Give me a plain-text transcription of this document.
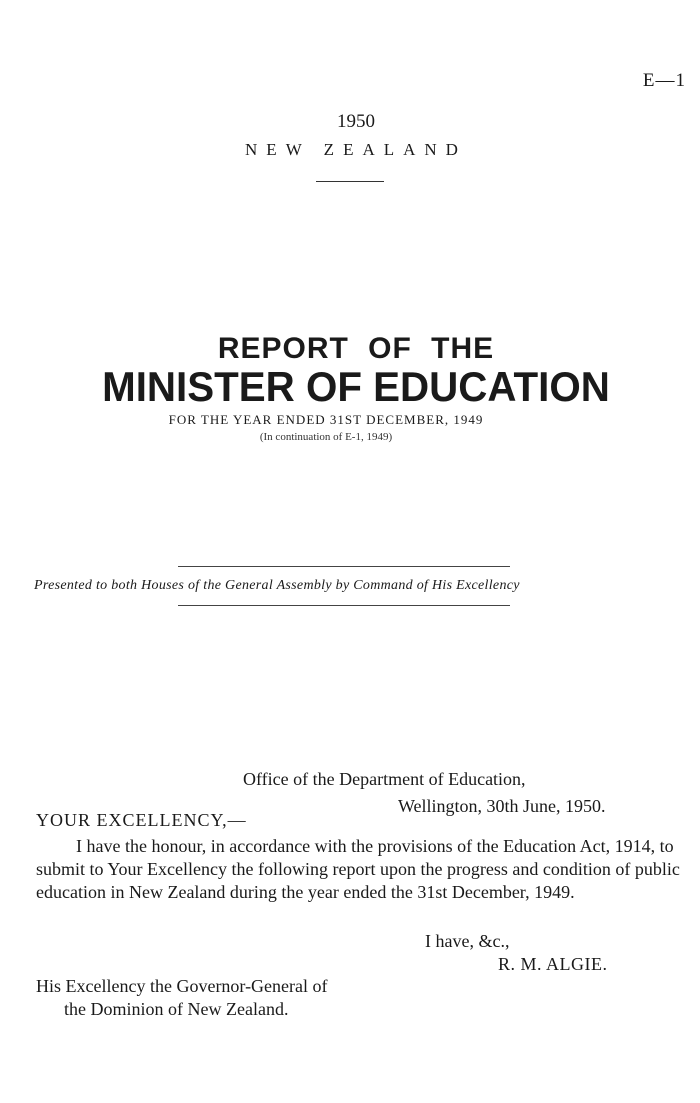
E—1
1950
NEW ZEALAND
REPORT OF THE
MINISTER OF EDUCATION
FOR THE YEAR ENDED 31ST DECEMBER, 1949
(In continuation of E-1, 1949)
Presented to both Houses of the General Assembly by Command of His Excellency
Office of the Department of Education,
Wellington, 30th June, 1950.
YOUR EXCELLENCY,—
I have the honour, in accordance with the provisions of the Education Act, 1914, to submit to Your Excellency the following report upon the progress and condition of public education in New Zealand during the year ended the 31st December, 1949.
I have, &c.,
R. M. ALGIE.
His Excellency the Governor-General of
the Dominion of New Zealand.
